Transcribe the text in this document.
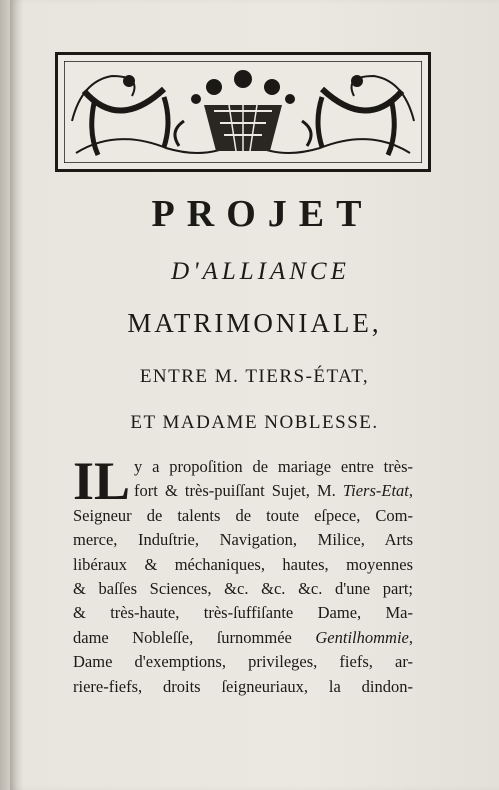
PROJET
D'ALLIANCE
MATRIMONIALE,
ENTRE M. TIERS-ÉTAT,
ET MADAME NOBLESSE.
IL y a propoſition de mariage entre très-
fort & très-puiſſant Sujet, M. Tiers-Etat,
Seigneur de talents de toute eſpece, Com-
merce, Induſtrie, Navigation, Milice, Arts
libéraux & méchaniques, hautes, moyennes
& baſſes Sciences, &c. &c. &c. d'une part;
& très-haute, très-ſuffiſante Dame, Ma-
dame Nobleſſe, ſurnommée Gentilhommie,
Dame d'exemptions, privileges, fiefs, ar-
riere-fiefs, droits ſeigneuriaux, la dindon-
